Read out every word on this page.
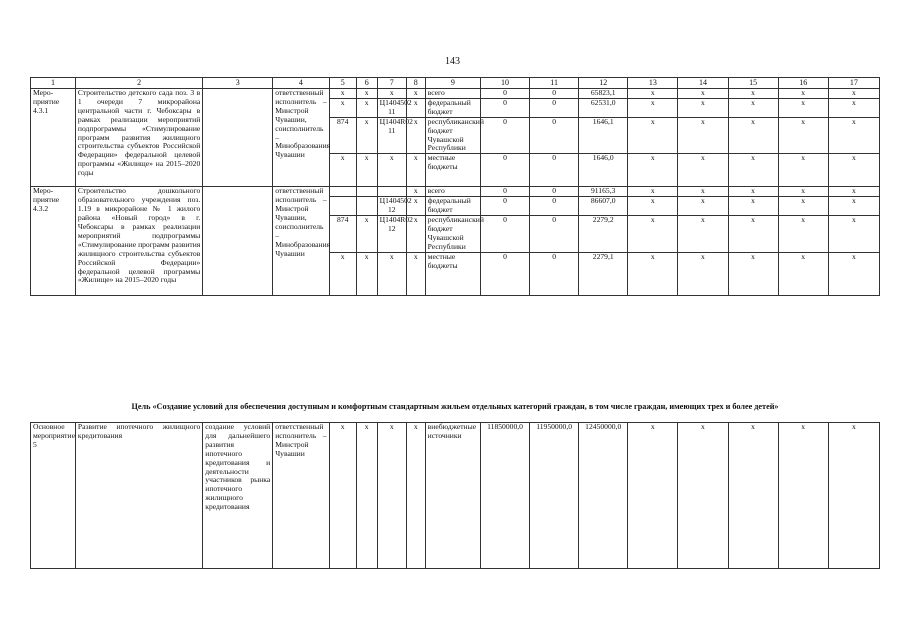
143
1	2	3	4	5	6	7	8	9	10	11	12	13	14	15	16	17
Меро-приятие 4.3.1	Строительство детского сада поз. 3 в 1 очереди 7 микрорайона центральной части г. Чебоксары в рамках реализации мероприятий подпрограммы «Стимулирование программ развития жилищного строительства субъектов Российской Федерации» федеральной целевой программы «Жилище» на 2015–2020 годы		ответственный исполнитель – Минстрой Чувашии, соисполнитель – Минобразования Чувашии	x	x	x	x	всего	0	0	65823,1	x	x	x	x	x
				x	x	Ц1404502 11	x	федеральный бюджет	0	0	62531,0	x	x	x	x	x
				874	x	Ц1404R02 11	x	республиканский бюджет Чувашской Республики	0	0	1646,1	x	x	x	x	x
				x	x	x	x	местные бюджеты	0	0	1646,0	x	x	x	x	x
Меро-приятие 4.3.2	Строительство дошкольного образовательного учреждения поз. 1.19 в микрорайоне № 1 жилого района «Новый город» в г. Чебоксары в рамках реализации мероприятий подпрограммы «Стимулирование программ развития жилищного строительства субъектов Российской Федерации» федеральной целевой программы «Жилище» на 2015–2020 годы		ответственный исполнитель – Минстрой Чувашии, соисполнитель – Минобразования Чувашии				x	всего	0	0	91165,3	x	x	x	x	x
						Ц1404502 12	x	федеральный бюджет	0	0	86607,0	x	x	x	x	x
				874	x	Ц1404R02 12	x	республиканский бюджет Чувашской Республики	0	0	2279,2	x	x	x	x	x
				x	x	x	x	местные бюджеты	0	0	2279,1	x	x	x	x	x
Цель «Создание условий для обеспечения доступным и комфортным стандартным жильем отдельных категорий граждан, в том числе граждан, имеющих трех и более детей»
Основное мероприятие 5	Развитие ипотечного жилищного кредитования	создание условий для дальнейшего развития ипотечного кредитования и деятельности участников рынка ипотечного жилищного кредитования	ответственный исполнитель – Минстрой Чувашии	x	x	x	x	внебюджетные источники	11850000,0	11950000,0	12450000,0	x	x	x	x	x
